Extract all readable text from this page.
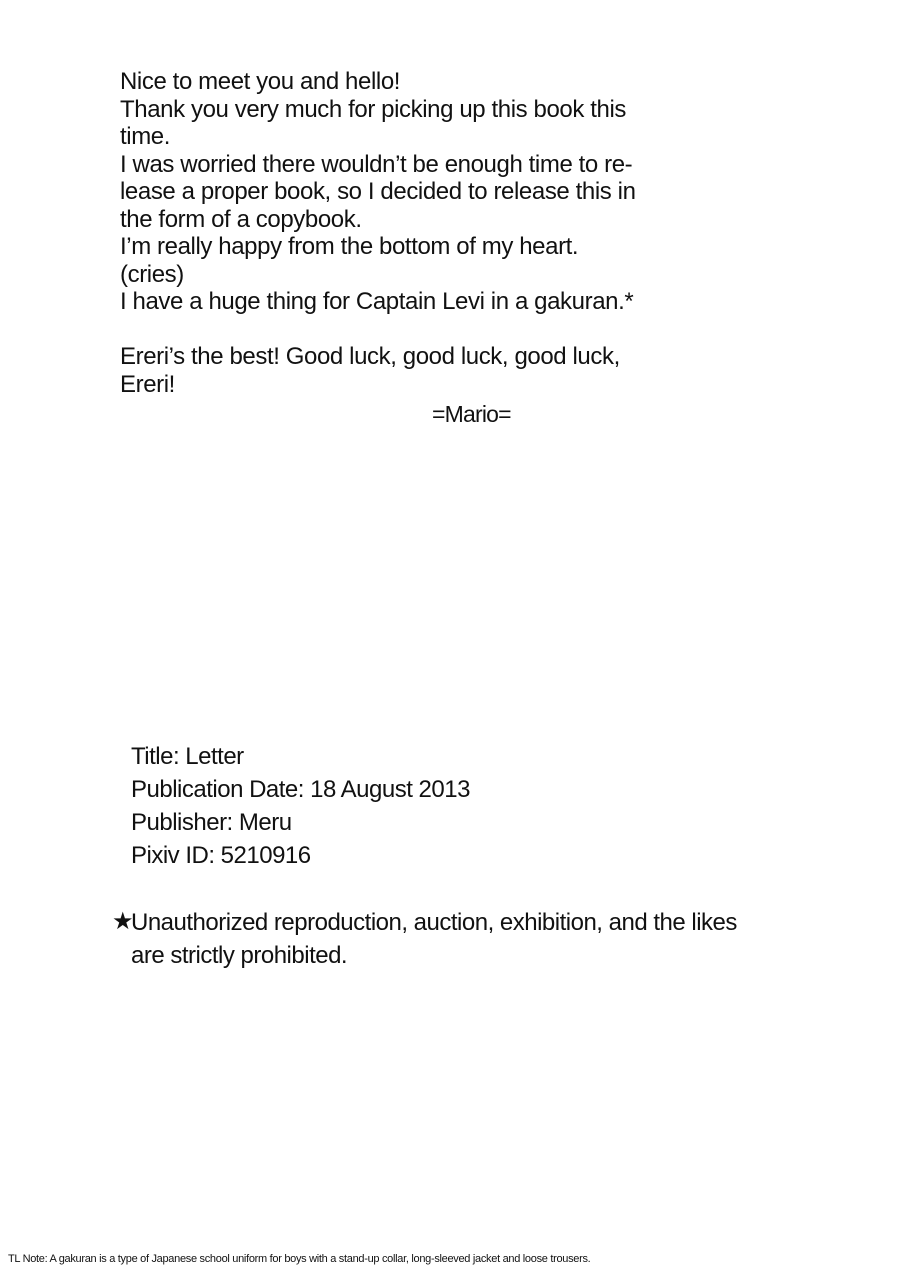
Nice to meet you and hello!

Thank you very much for picking up this book this

time.

I was worried there wouldn’t be enough time to re-

lease a proper book, so I decided to release this in

the form of a copybook.

I’m really happy from the bottom of my heart.

(cries)

I have a huge thing for Captain Levi in a gakuran.*

Ereri’s the best! Good luck, good luck, good luck,

Ereri!

=Mario=

Title: Letter

Publication Date: 18 August 2013

Publisher: Meru

Pixiv ID: 5210916

★

Unauthorized reproduction, auction, exhibition, and the likes

are strictly prohibited.

TL Note: A gakuran is a type of Japanese school uniform for boys with a stand-up collar, long-sleeved jacket and loose trousers.
